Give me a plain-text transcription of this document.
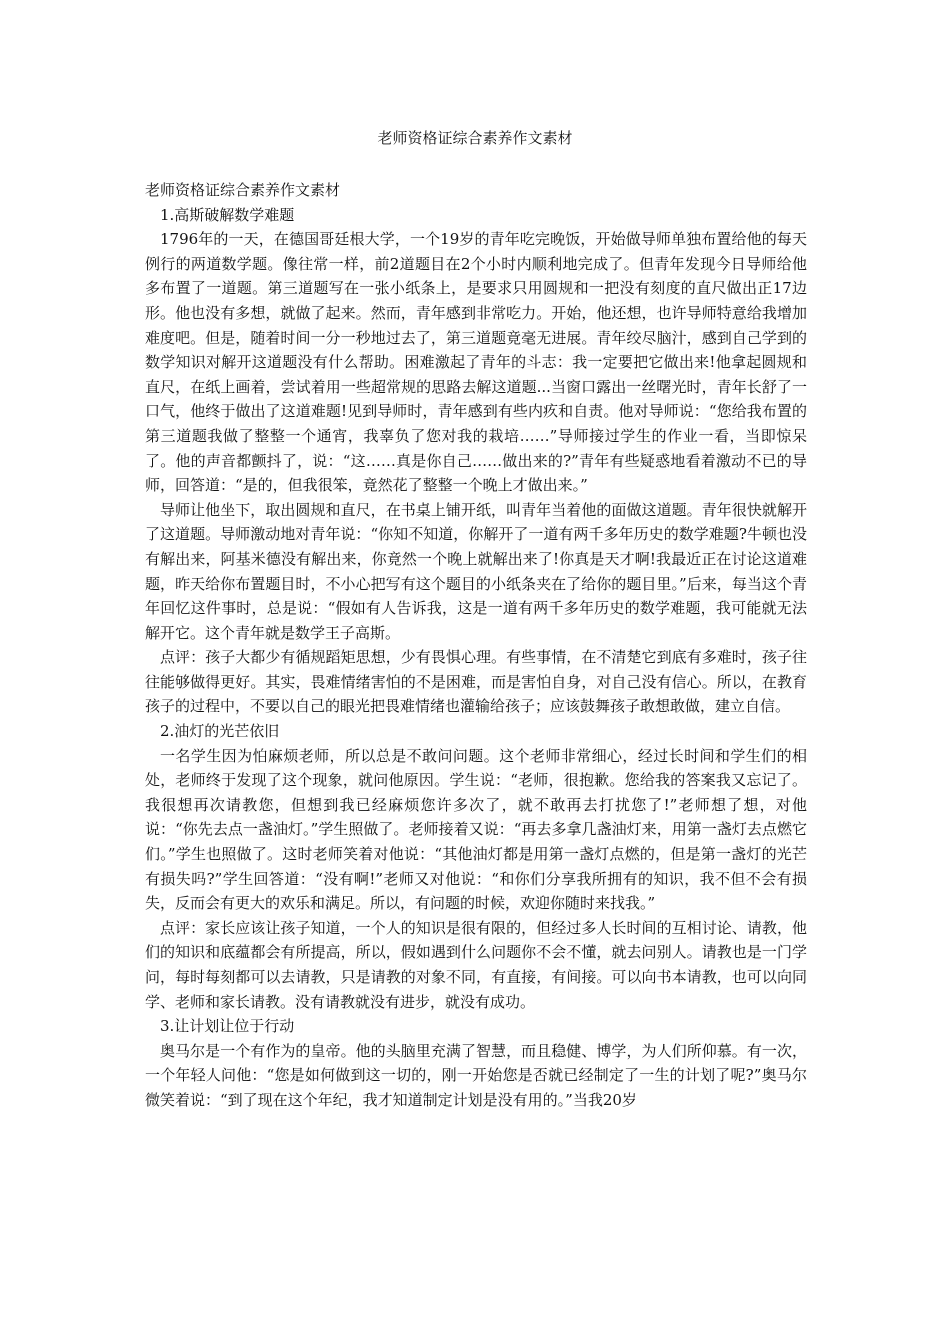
老师资格证综合素养作文素材

老师资格证综合素养作文素材

1.高斯破解数学难题

1796年的一天，在德国哥廷根大学，一个19岁的青年吃完晚饭，开始做导师单独布置给他的每天例行的两道数学题。像往常一样，前2道题目在2个小时内顺利地完成了。但青年发现今日导师给他多布置了一道题。第三道题写在一张小纸条上，是要求只用圆规和一把没有刻度的直尺做出正17边形。他也没有多想，就做了起来。然而，青年感到非常吃力。开始，他还想，也许导师特意给我增加难度吧。但是，随着时间一分一秒地过去了，第三道题竟毫无进展。青年绞尽脑汁，感到自己学到的数学知识对解开这道题没有什么帮助。困难激起了青年的斗志：我一定要把它做出来!他拿起圆规和直尺，在纸上画着，尝试着用一些超常规的思路去解这道题...当窗口露出一丝曙光时，青年长舒了一口气，他终于做出了这道难题!见到导师时，青年感到有些内疚和自责。他对导师说：“您给我布置的第三道题我做了整整一个通宵，我辜负了您对我的栽培……”导师接过学生的作业一看，当即惊呆了。他的声音都颤抖了，说：“这……真是你自己……做出来的?”青年有些疑惑地看着激动不已的导师，回答道：“是的，但我很笨，竟然花了整整一个晚上才做出来。”

导师让他坐下，取出圆规和直尺，在书桌上铺开纸，叫青年当着他的面做这道题。青年很快就解开了这道题。导师激动地对青年说：“你知不知道，你解开了一道有两千多年历史的数学难题?牛顿也没有解出来，阿基米德没有解出来，你竟然一个晚上就解出来了!你真是天才啊!我最近正在讨论这道难题，昨天给你布置题目时，不小心把写有这个题目的小纸条夹在了给你的题目里。”后来，每当这个青年回忆这件事时，总是说：“假如有人告诉我，这是一道有两千多年历史的数学难题，我可能就无法解开它。这个青年就是数学王子高斯。

点评：孩子大都少有循规蹈矩思想，少有畏惧心理。有些事情，在不清楚它到底有多难时，孩子往往能够做得更好。其实，畏难情绪害怕的不是困难，而是害怕自身，对自己没有信心。所以，在教育孩子的过程中，不要以自己的眼光把畏难情绪也灌输给孩子；应该鼓舞孩子敢想敢做，建立自信。

2.油灯的光芒依旧

一名学生因为怕麻烦老师，所以总是不敢问问题。这个老师非常细心，经过长时间和学生们的相处，老师终于发现了这个现象，就问他原因。学生说：“老师，很抱歉。您给我的答案我又忘记了。我很想再次请教您，但想到我已经麻烦您许多次了，就不敢再去打扰您了!”老师想了想，对他说：“你先去点一盏油灯。”学生照做了。老师接着又说：“再去多拿几盏油灯来，用第一盏灯去点燃它们。”学生也照做了。这时老师笑着对他说：“其他油灯都是用第一盏灯点燃的，但是第一盏灯的光芒有损失吗?”学生回答道：“没有啊!”老师又对他说：“和你们分享我所拥有的知识，我不但不会有损失，反而会有更大的欢乐和满足。所以，有问题的时候，欢迎你随时来找我。”

点评：家长应该让孩子知道，一个人的知识是很有限的，但经过多人长时间的互相讨论、请教，他们的知识和底蕴都会有所提高，所以，假如遇到什么问题你不会不懂，就去问别人。请教也是一门学问，每时每刻都可以去请教，只是请教的对象不同，有直接，有间接。可以向书本请教，也可以向同学、老师和家长请教。没有请教就没有进步，就没有成功。

3.让计划让位于行动

奥马尔是一个有作为的皇帝。他的头脑里充满了智慧，而且稳健、博学，为人们所仰慕。有一次，一个年轻人问他：“您是如何做到这一切的，刚一开始您是否就已经制定了一生的计划了呢?”奥马尔微笑着说：“到了现在这个年纪，我才知道制定计划是没有用的。”当我20岁
